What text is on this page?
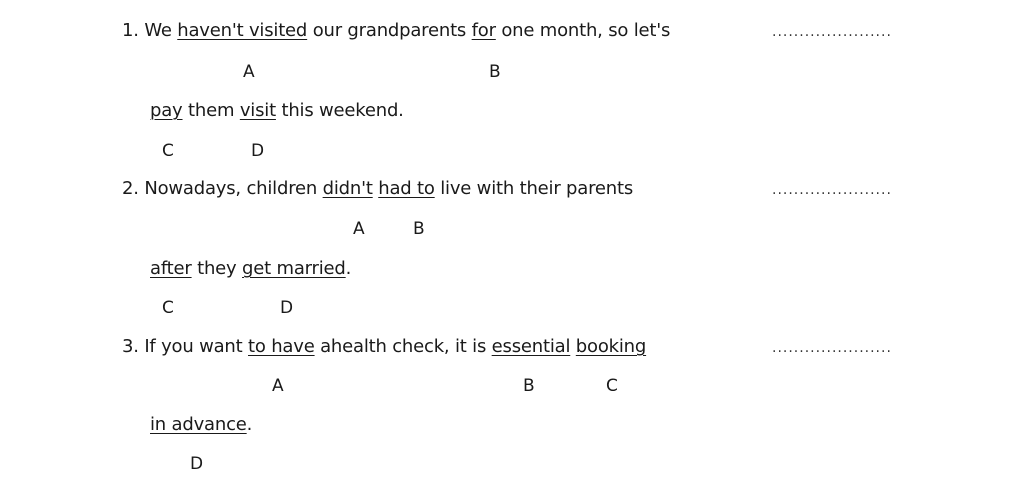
1. We haven't visited our grandparents for one month, so let's	......................
A	B
pay them visit this weekend.
C	D
2. Nowadays, children didn't had to live with their parents	......................
A	B
after they get married.
C	D
3. If you want to have ahealth check, it is essential booking	......................
A	B	C
in advance.
D
